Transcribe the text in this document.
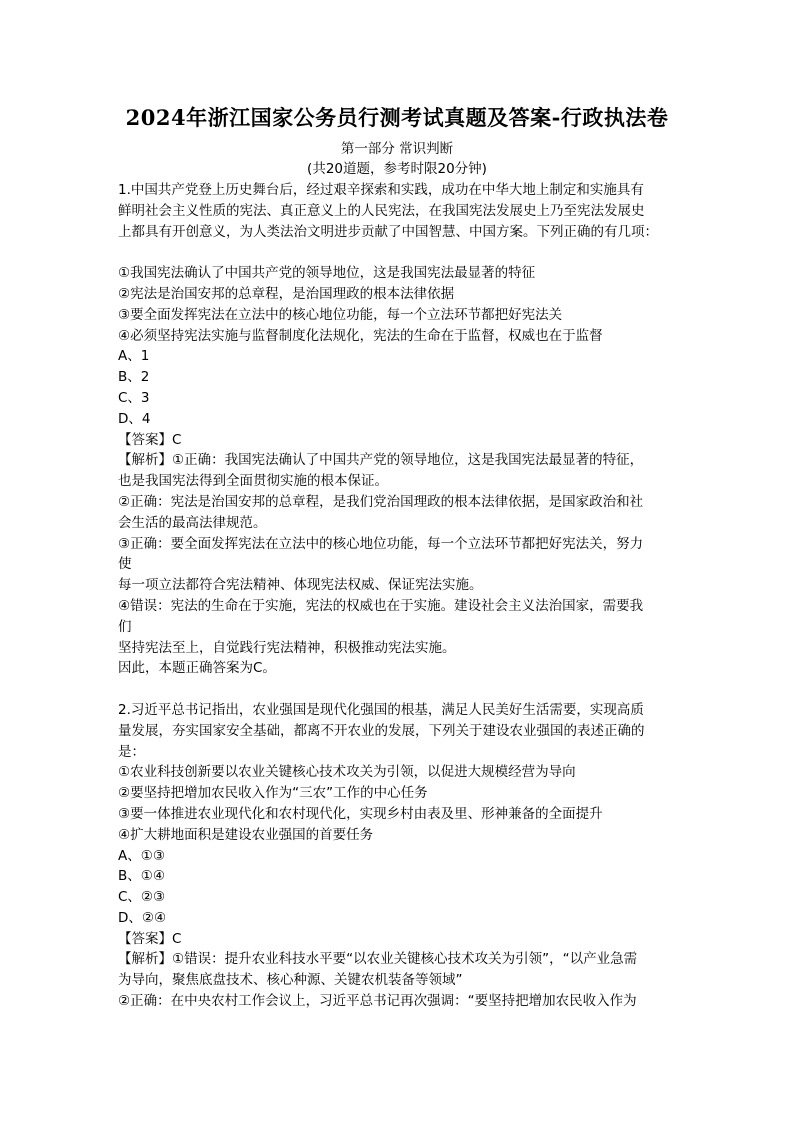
2024年浙江国家公务员行测考试真题及答案-行政执法卷
第一部分 常识判断
(共20道题，参考时限20分钟)
1.中国共产党登上历史舞台后，经过艰辛探索和实践，成功在中华大地上制定和实施具有
鲜明社会主义性质的宪法、真正意义上的人民宪法，在我国宪法发展史上乃至宪法发展史
上都具有开创意义，为人类法治文明进步贡献了中国智慧、中国方案。下列正确的有几项：
①我国宪法确认了中国共产党的领导地位，这是我国宪法最显著的特征
②宪法是治国安邦的总章程，是治国理政的根本法律依据
③要全面发挥宪法在立法中的核心地位功能，每一个立法环节都把好宪法关
④必须坚持宪法实施与监督制度化法规化，宪法的生命在于监督，权威也在于监督
A、1
B、2
C、3
D、4
【答案】C
【解析】①正确：我国宪法确认了中国共产党的领导地位，这是我国宪法最显著的特征，
也是我国宪法得到全面贯彻实施的根本保证。
②正确：宪法是治国安邦的总章程，是我们党治国理政的根本法律依据，是国家政治和社
会生活的最高法律规范。
③正确：要全面发挥宪法在立法中的核心地位功能，每一个立法环节都把好宪法关，努力
使
每一项立法都符合宪法精神、体现宪法权威、保证宪法实施。
④错误：宪法的生命在于实施，宪法的权威也在于实施。建设社会主义法治国家，需要我
们
坚持宪法至上，自觉践行宪法精神，积极推动宪法实施。
因此，本题正确答案为C。
2.习近平总书记指出，农业强国是现代化强国的根基，满足人民美好生活需要，实现高质
量发展，夯实国家安全基础，都离不开农业的发展，下列关于建设农业强国的表述正确的
是：
①农业科技创新要以农业关键核心技术攻关为引领，以促进大规模经营为导向
②要坚持把增加农民收入作为“三农”工作的中心任务
③要一体推进农业现代化和农村现代化，实现乡村由表及里、形神兼备的全面提升
④扩大耕地面积是建设农业强国的首要任务
A、①③
B、①④
C、②③
D、②④
【答案】C
【解析】①错误：提升农业科技水平要“以农业关键核心技术攻关为引领”，“以产业急需
为导向，聚焦底盘技术、核心种源、关键农机装备等领域”
②正确：在中央农村工作会议上，习近平总书记再次强调：“要坚持把增加农民收入作为
